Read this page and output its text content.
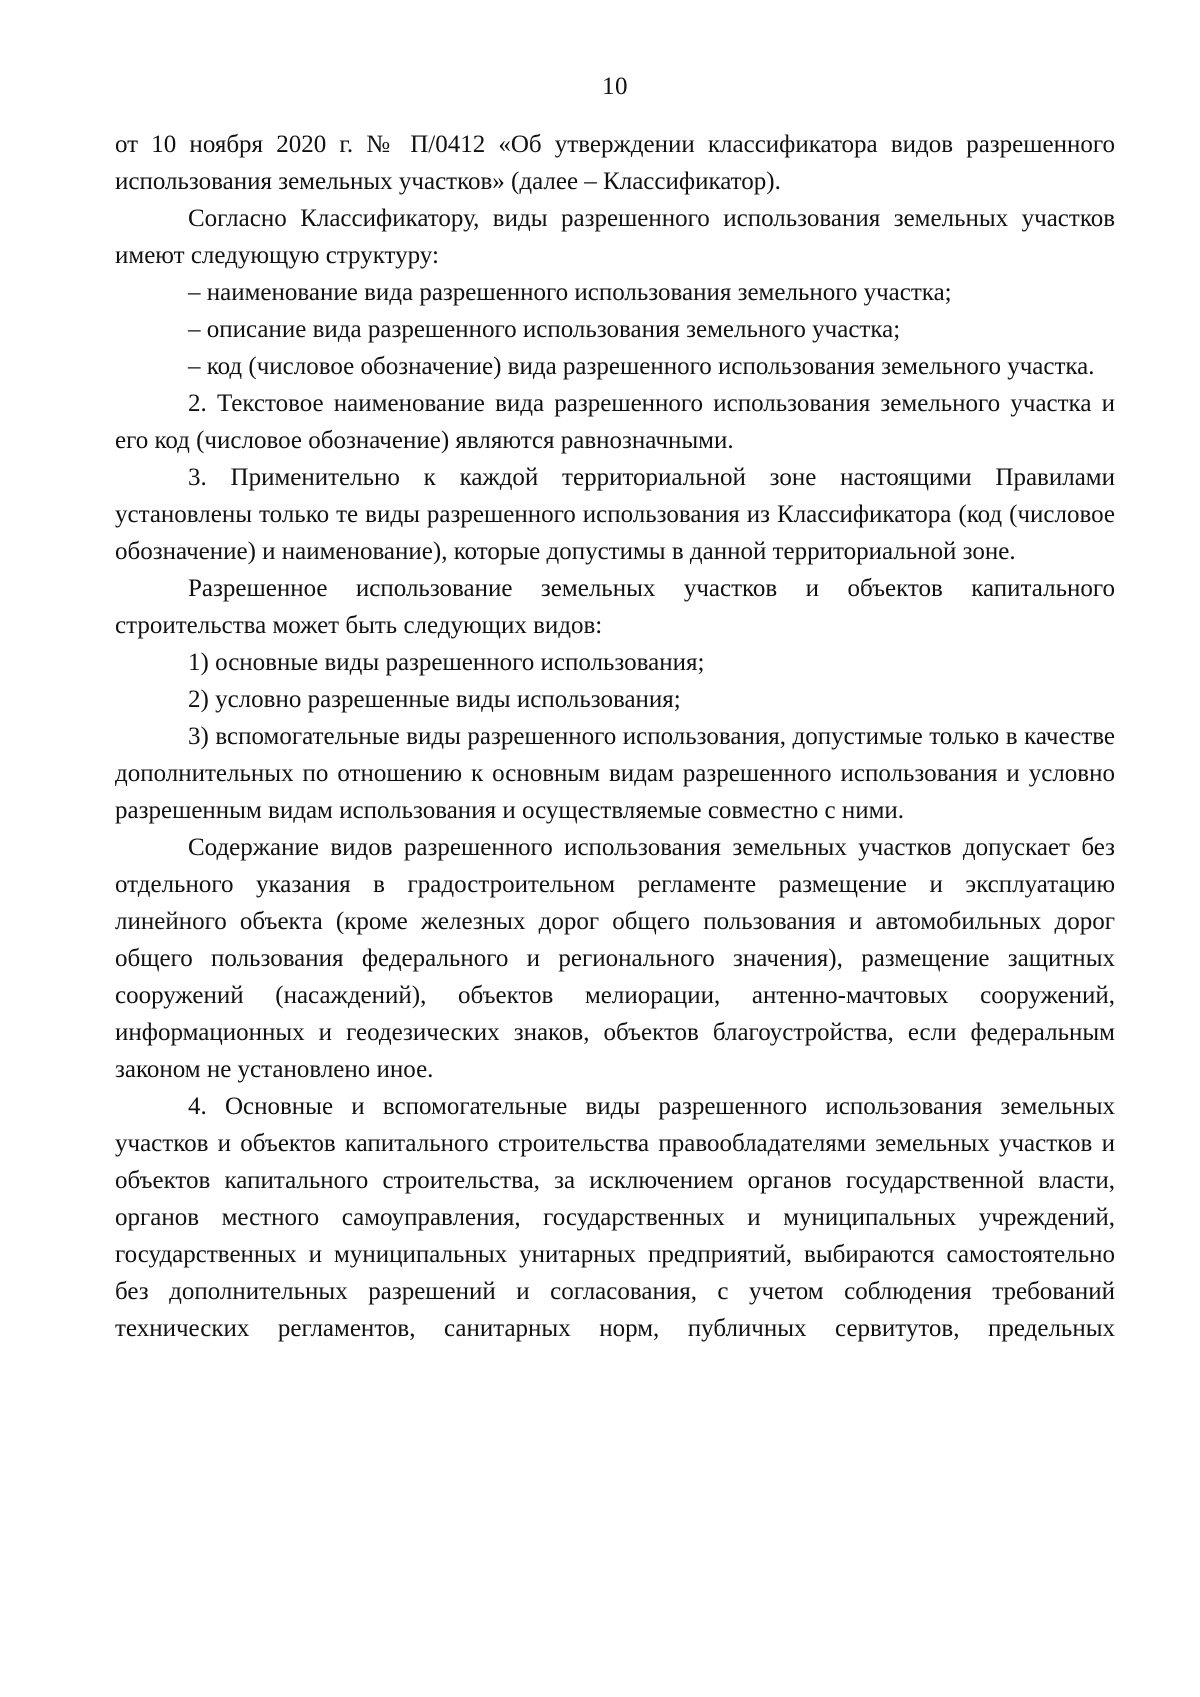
10

от 10 ноября 2020 г. № П/0412 «Об утверждении классификатора видов разрешенного использования земельных участков» (далее – Классификатор).

Согласно Классификатору, виды разрешенного использования земельных участков имеют следующую структуру:

– наименование вида разрешенного использования земельного участка;

– описание вида разрешенного использования земельного участка;

– код (числовое обозначение) вида разрешенного использования земельного участка.

2. Текстовое наименование вида разрешенного использования земельного участка и его код (числовое обозначение) являются равнозначными.

3. Применительно к каждой территориальной зоне настоящими Правилами установлены только те виды разрешенного использования из Классификатора (код (числовое обозначение) и наименование), которые допустимы в данной территориальной зоне.

Разрешенное использование земельных участков и объектов капитального строительства может быть следующих видов:

1) основные виды разрешенного использования;

2) условно разрешенные виды использования;

3) вспомогательные виды разрешенного использования, допустимые только в качестве дополнительных по отношению к основным видам разрешенного использования и условно разрешенным видам использования и осуществляемые совместно с ними.

Содержание видов разрешенного использования земельных участков допускает без отдельного указания в градостроительном регламенте размещение и эксплуатацию линейного объекта (кроме железных дорог общего пользования и автомобильных дорог общего пользования федерального и регионального значения), размещение защитных сооружений (насаждений), объектов мелиорации, антенно-мачтовых сооружений, информационных и геодезических знаков, объектов благоустройства, если федеральным законом не установлено иное.

4. Основные и вспомогательные виды разрешенного использования земельных участков и объектов капитального строительства правообладателями земельных участков и объектов капитального строительства, за исключением органов государственной власти, органов местного самоуправления, государственных и муниципальных учреждений, государственных и муниципальных унитарных предприятий, выбираются самостоятельно без дополнительных разрешений и согласования, с учетом соблюдения требований технических регламентов, санитарных норм, публичных сервитутов, предельных
